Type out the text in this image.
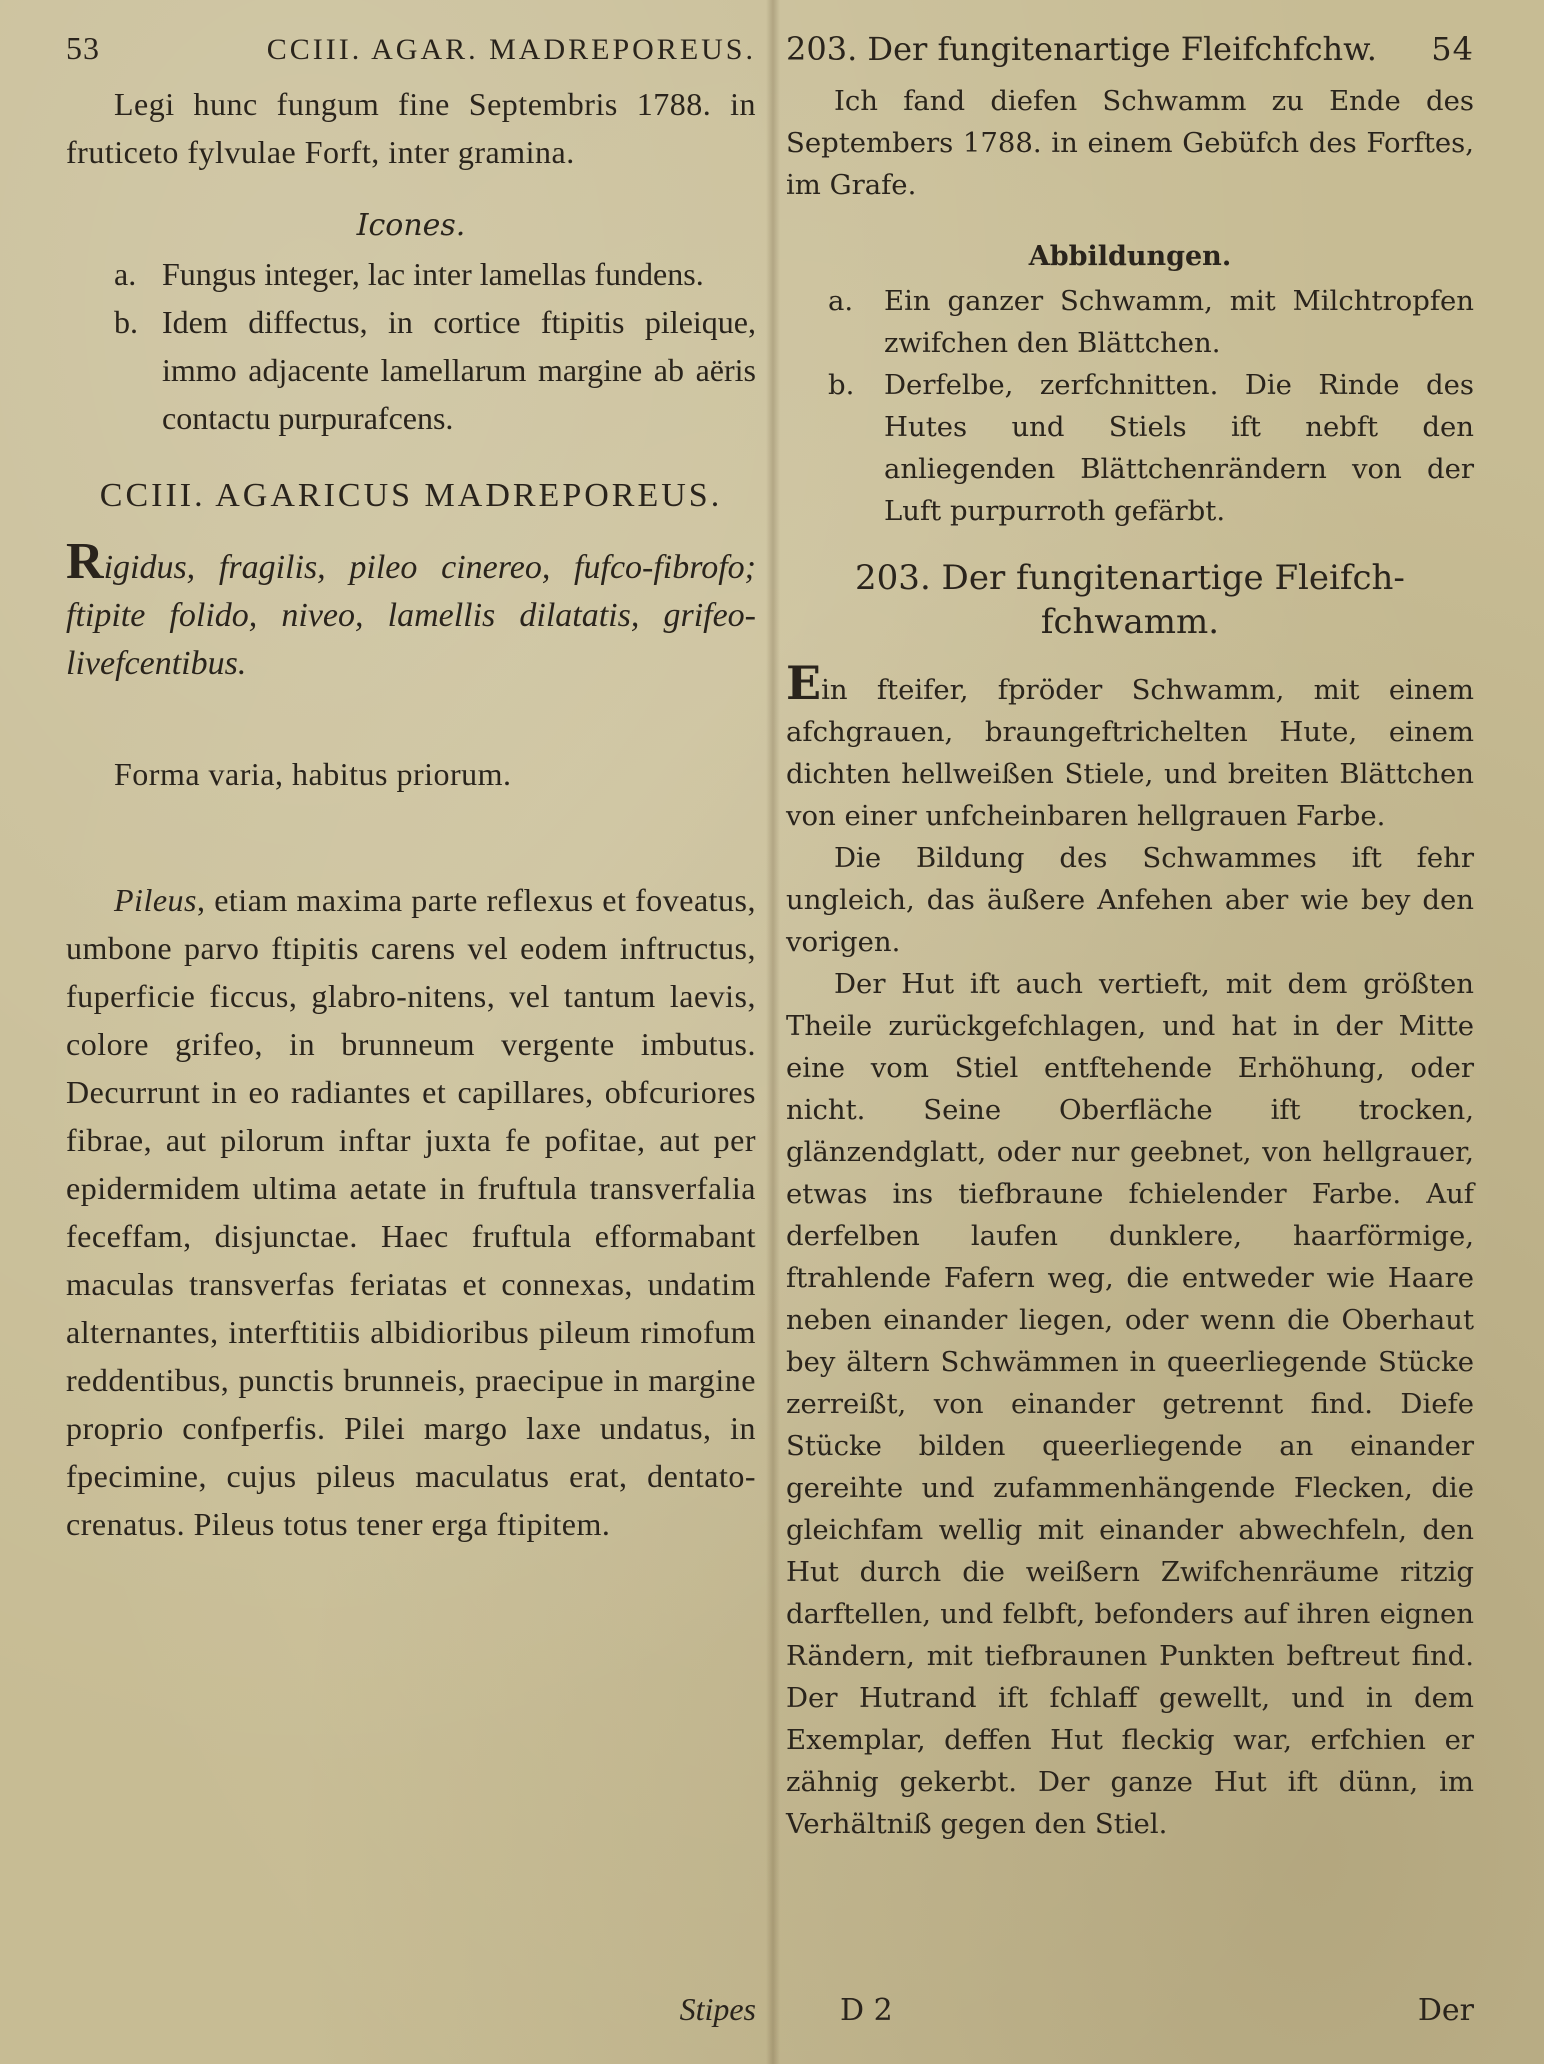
53	CCIII. AGAR. MADREPOREUS.

Legi hunc fungum fine Septembris 1788. in fruticeto fylvulae Forft, inter gramina.

Icones.
a. Fungus integer, lac inter lamellas fundens.
b. Idem diffectus, in cortice ftipitis pileique, immo adjacente lamellarum margine ab aëris contactu purpurafcens.
CCIII. AGARICUS MADREPOREUS.

Rigidus, fragilis, pileo cinereo, fufco-fibrofo; ftipite folido, niveo, lamellis dilatatis, grifeo-livefcentibus.

Forma varia, habitus priorum.

Pileus, etiam maxima parte reflexus et foveatus, umbone parvo ftipitis carens vel eodem inftructus, fuperficie ficcus, glabro-nitens, vel tantum laevis, colore grifeo, in brunneum vergente imbutus. Decurrunt in eo radiantes et capillares, obfcuriores fibrae, aut pilorum inftar juxta fe pofitae, aut per epidermidem ultima aetate in fruftula transverfalia feceffam, disjunctae. Haec fruftula efformabant maculas transverfas feriatas et connexas, undatim alternantes, interftitiis albidioribus pileum rimofum reddentibus, punctis brunneis, praecipue in margine proprio confperfis. Pilei margo laxe undatus, in fpecimine, cujus pileus maculatus erat, dentato-crenatus. Pileus totus tener erga ftipitem.

Stipes
203. Der fungitenartige Fleifchfchw. 54

Ich fand diefen Schwamm zu Ende des Septembers 1788. in einem Gebüfch des Forftes, im Grafe.

Abbildungen.
a.	Ein ganzer Schwamm, mit Milchtropfen zwifchen den Blättchen.
b.	Derfelbe, zerfchnitten. Die Rinde des Hutes und Stiels ift nebft den anliegenden Blättchenrändern von der Luft purpurroth gefärbt.
203. Der fungitenartige Fleifch-
fchwamm.

Ein fteifer, fpröder Schwamm, mit einem afchgrauen, braungeftrichelten Hute, einem dichten hellweißen Stiele, und breiten Blättchen von einer unfcheinbaren hellgrauen Farbe.

Die Bildung des Schwammes ift fehr ungleich, das äußere Anfehen aber wie bey den vorigen.

Der Hut ift auch vertieft, mit dem größten Theile zurückgefchlagen, und hat in der Mitte eine vom Stiel entftehende Erhöhung, oder nicht. Seine Oberfläche ift trocken, glänzendglatt, oder nur geebnet, von hellgrauer, etwas ins tiefbraune fchielender Farbe. Auf derfelben laufen dunklere, haarförmige, ftrahlende Fafern weg, die entweder wie Haare neben einander liegen, oder wenn die Oberhaut bey ältern Schwämmen in queerliegende Stücke zerreißt, von einander getrennt find. Diefe Stücke bilden queerliegende an einander gereihte und zufammenhängende Flecken, die gleichfam wellig mit einander abwechfeln, den Hut durch die weißern Zwifchenräume ritzig darftellen, und felbft, befonders auf ihren eignen Rändern, mit tiefbraunen Punkten beftreut find. Der Hutrand ift fchlaff gewellt, und in dem Exemplar, deffen Hut fleckig war, erfchien er zähnig gekerbt. Der ganze Hut ift dünn, im Verhältniß gegen den Stiel.

D 2	Der
